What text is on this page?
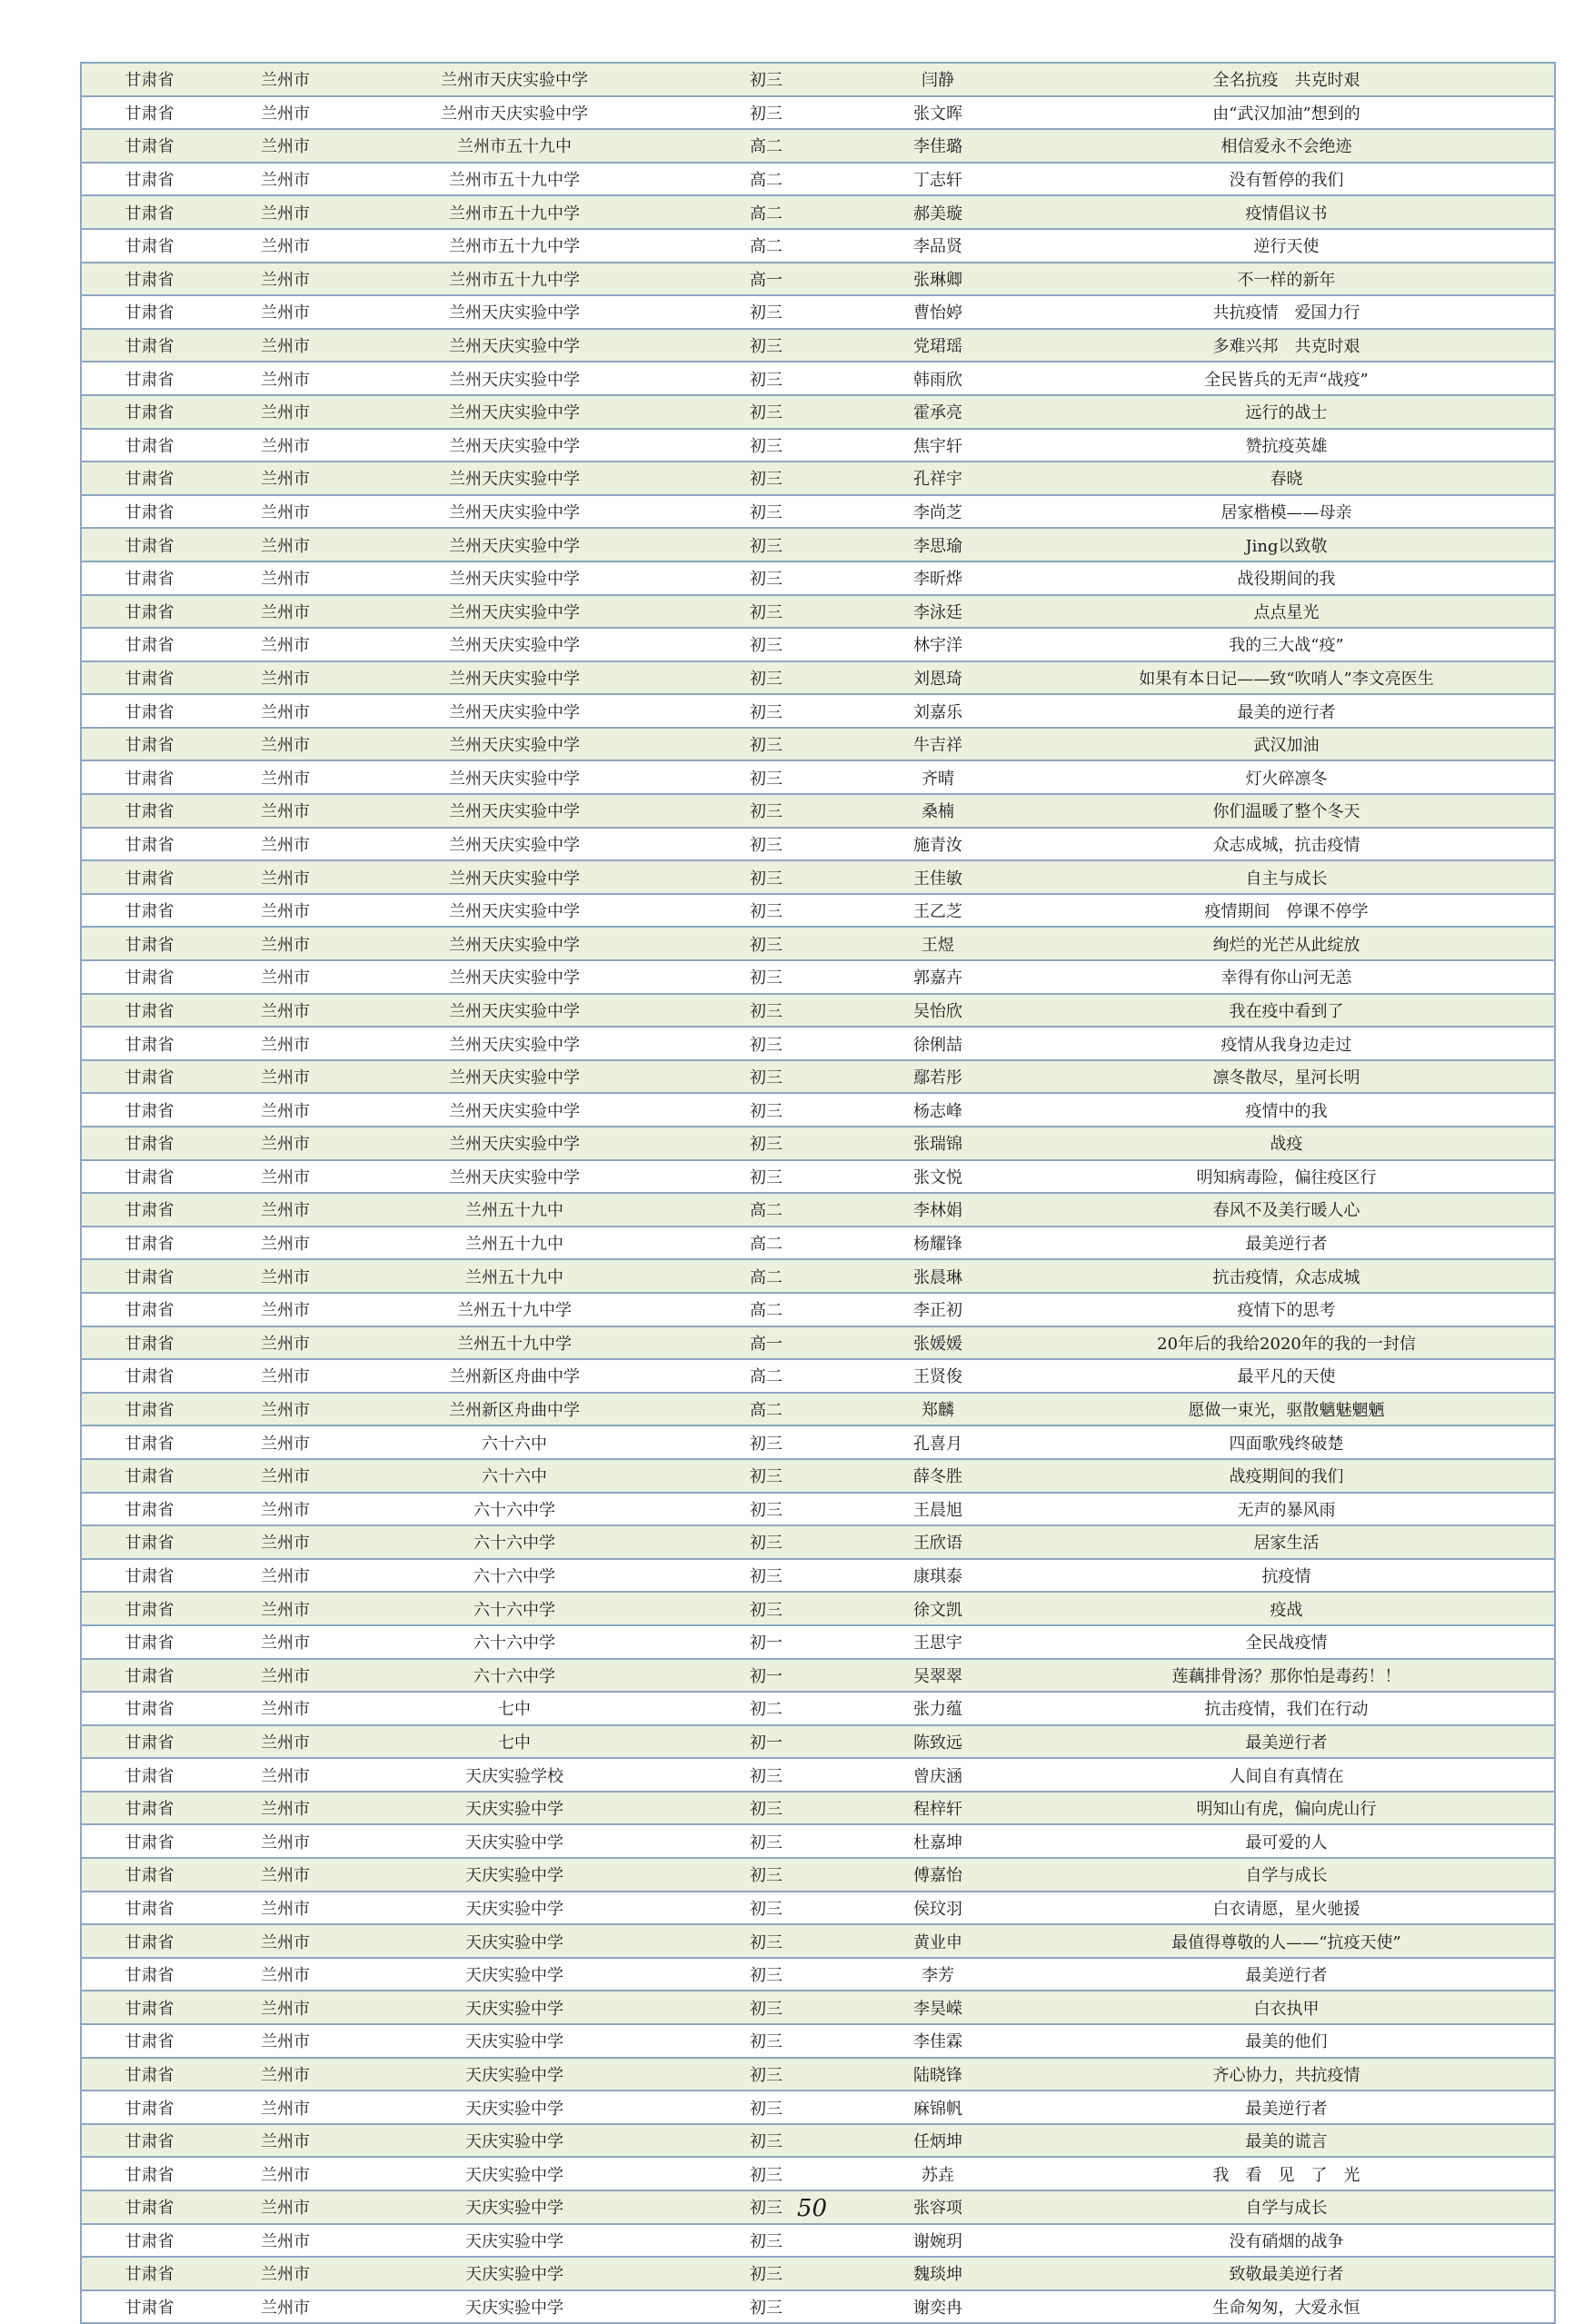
甘肃省	兰州市	兰州市天庆实验中学	初三	闫静	全名抗疫　共克时艰
甘肃省	兰州市	兰州市天庆实验中学	初三	张文晖	由“武汉加油”想到的
甘肃省	兰州市	兰州市五十九中	高二	李佳璐	相信爱永不会绝迹
甘肃省	兰州市	兰州市五十九中学	高二	丁志轩	没有暂停的我们
甘肃省	兰州市	兰州市五十九中学	高二	郝美璇	疫情倡议书
甘肃省	兰州市	兰州市五十九中学	高二	李品贤	逆行天使
甘肃省	兰州市	兰州市五十九中学	高一	张琳卿	不一样的新年
甘肃省	兰州市	兰州天庆实验中学	初三	曹怡婷	共抗疫情　爱国力行
甘肃省	兰州市	兰州天庆实验中学	初三	党珺瑶	多难兴邦　共克时艰
甘肃省	兰州市	兰州天庆实验中学	初三	韩雨欣	全民皆兵的无声“战疫”
甘肃省	兰州市	兰州天庆实验中学	初三	霍承亮	远行的战士
甘肃省	兰州市	兰州天庆实验中学	初三	焦宇轩	赞抗疫英雄
甘肃省	兰州市	兰州天庆实验中学	初三	孔祥宇	春晓
甘肃省	兰州市	兰州天庆实验中学	初三	李尚芝	居家楷模——母亲
甘肃省	兰州市	兰州天庆实验中学	初三	李思瑜	Jing以致敬
甘肃省	兰州市	兰州天庆实验中学	初三	李昕烨	战役期间的我
甘肃省	兰州市	兰州天庆实验中学	初三	李泳廷	点点星光
甘肃省	兰州市	兰州天庆实验中学	初三	林宇洋	我的三大战“疫”
甘肃省	兰州市	兰州天庆实验中学	初三	刘恩琦	如果有本日记——致“吹哨人”李文亮医生
甘肃省	兰州市	兰州天庆实验中学	初三	刘嘉乐	最美的逆行者
甘肃省	兰州市	兰州天庆实验中学	初三	牛吉祥	武汉加油
甘肃省	兰州市	兰州天庆实验中学	初三	齐晴	灯火碎凛冬
甘肃省	兰州市	兰州天庆实验中学	初三	桑楠	你们温暖了整个冬天
甘肃省	兰州市	兰州天庆实验中学	初三	施青汝	众志成城，抗击疫情
甘肃省	兰州市	兰州天庆实验中学	初三	王佳敏	自主与成长
甘肃省	兰州市	兰州天庆实验中学	初三	王乙芝	疫情期间　停课不停学
甘肃省	兰州市	兰州天庆实验中学	初三	王煜	绚烂的光芒从此绽放
甘肃省	兰州市	兰州天庆实验中学	初三	郭嘉卉	幸得有你山河无恙
甘肃省	兰州市	兰州天庆实验中学	初三	吴怡欣	我在疫中看到了
甘肃省	兰州市	兰州天庆实验中学	初三	徐俐喆	疫情从我身边走过
甘肃省	兰州市	兰州天庆实验中学	初三	鄢若彤	凛冬散尽，星河长明
甘肃省	兰州市	兰州天庆实验中学	初三	杨志峰	疫情中的我
甘肃省	兰州市	兰州天庆实验中学	初三	张瑞锦	战疫
甘肃省	兰州市	兰州天庆实验中学	初三	张文悦	明知病毒险，偏往疫区行
甘肃省	兰州市	兰州五十九中	高二	李林娟	春风不及美行暖人心
甘肃省	兰州市	兰州五十九中	高二	杨耀锋	最美逆行者
甘肃省	兰州市	兰州五十九中	高二	张晨琳	抗击疫情，众志成城
甘肃省	兰州市	兰州五十九中学	高二	李正初	疫情下的思考
甘肃省	兰州市	兰州五十九中学	高一	张媛媛	20年后的我给2020年的我的一封信
甘肃省	兰州市	兰州新区舟曲中学	高二	王贤俊	最平凡的天使
甘肃省	兰州市	兰州新区舟曲中学	高二	郑麟	愿做一束光，驱散魑魅魍魉
甘肃省	兰州市	六十六中	初三	孔喜月	四面歌残终破楚
甘肃省	兰州市	六十六中	初三	薛冬胜	战疫期间的我们
甘肃省	兰州市	六十六中学	初三	王晨旭	无声的暴风雨
甘肃省	兰州市	六十六中学	初三	王欣语	居家生活
甘肃省	兰州市	六十六中学	初三	康琪泰	抗疫情
甘肃省	兰州市	六十六中学	初三	徐文凯	疫战
甘肃省	兰州市	六十六中学	初一	王思宇	全民战疫情
甘肃省	兰州市	六十六中学	初一	吴翠翠	莲藕排骨汤？那你怕是毒药！！
甘肃省	兰州市	七中	初二	张力蕴	抗击疫情，我们在行动
甘肃省	兰州市	七中	初一	陈致远	最美逆行者
甘肃省	兰州市	天庆实验学校	初三	曾庆涵	人间自有真情在
甘肃省	兰州市	天庆实验中学	初三	程梓轩	明知山有虎，偏向虎山行
甘肃省	兰州市	天庆实验中学	初三	杜嘉坤	最可爱的人
甘肃省	兰州市	天庆实验中学	初三	傅嘉怡	自学与成长
甘肃省	兰州市	天庆实验中学	初三	侯玟羽	白衣请愿，星火驰援
甘肃省	兰州市	天庆实验中学	初三	黄业申	最值得尊敬的人——“抗疫天使”
甘肃省	兰州市	天庆实验中学	初三	李芳	最美逆行者
甘肃省	兰州市	天庆实验中学	初三	李昊嵘	白衣执甲
甘肃省	兰州市	天庆实验中学	初三	李佳霖	最美的他们
甘肃省	兰州市	天庆实验中学	初三	陆晓锋	齐心协力，共抗疫情
甘肃省	兰州市	天庆实验中学	初三	麻锦帆	最美逆行者
甘肃省	兰州市	天庆实验中学	初三	任炳坤	最美的谎言
甘肃省	兰州市	天庆实验中学	初三	苏垚	我　看　见　了　光
甘肃省	兰州市	天庆实验中学	初三	张容项	自学与成长
甘肃省	兰州市	天庆实验中学	初三	谢婉玥	没有硝烟的战争
甘肃省	兰州市	天庆实验中学	初三	魏琰坤	致敬最美逆行者
甘肃省	兰州市	天庆实验中学	初三	谢奕冉	生命匆匆，大爱永恒
50
